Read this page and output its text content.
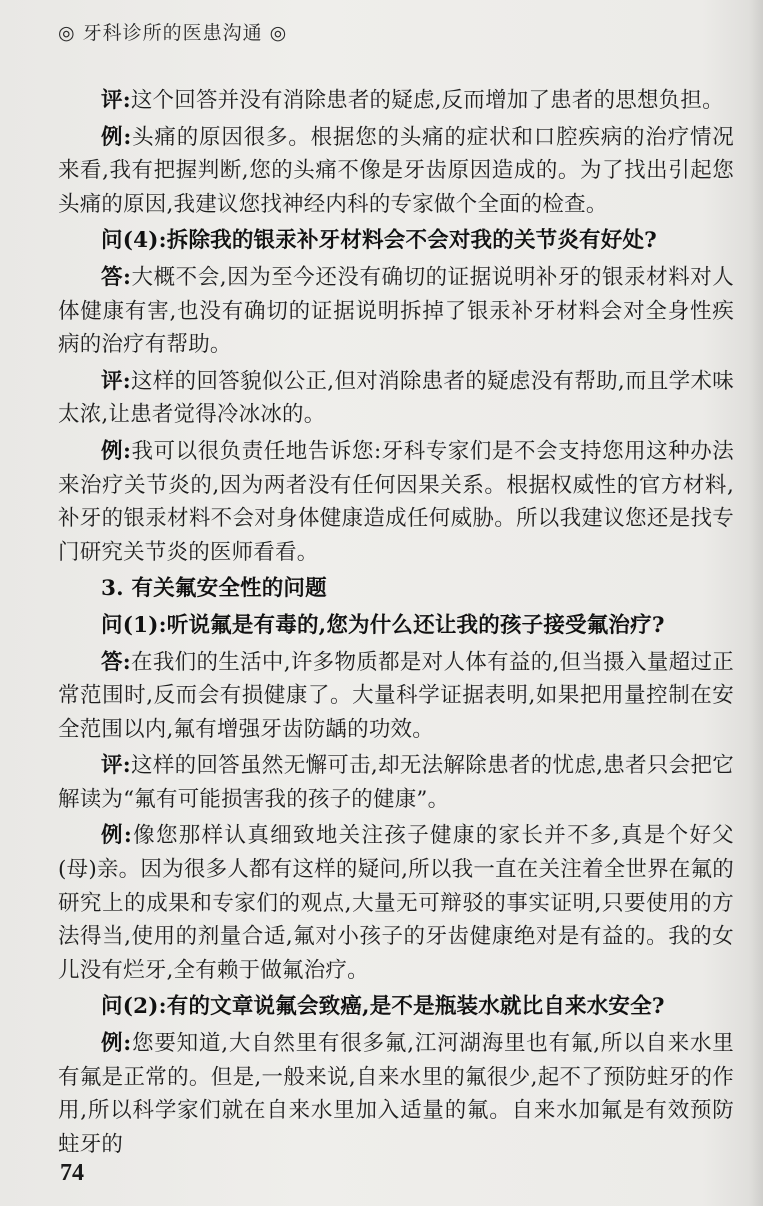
◎ 牙科诊所的医患沟通 ◎

评:这个回答并没有消除患者的疑虑,反而增加了患者的思想负担。

例:头痛的原因很多。根据您的头痛的症状和口腔疾病的治疗情况来看,我有把握判断,您的头痛不像是牙齿原因造成的。为了找出引起您头痛的原因,我建议您找神经内科的专家做个全面的检查。

问(4):拆除我的银汞补牙材料会不会对我的关节炎有好处?

答:大概不会,因为至今还没有确切的证据说明补牙的银汞材料对人体健康有害,也没有确切的证据说明拆掉了银汞补牙材料会对全身性疾病的治疗有帮助。

评:这样的回答貌似公正,但对消除患者的疑虑没有帮助,而且学术味太浓,让患者觉得冷冰冰的。

例:我可以很负责任地告诉您:牙科专家们是不会支持您用这种办法来治疗关节炎的,因为两者没有任何因果关系。根据权威性的官方材料,补牙的银汞材料不会对身体健康造成任何威胁。所以我建议您还是找专门研究关节炎的医师看看。

3. 有关氟安全性的问题

问(1):听说氟是有毒的,您为什么还让我的孩子接受氟治疗?

答:在我们的生活中,许多物质都是对人体有益的,但当摄入量超过正常范围时,反而会有损健康了。大量科学证据表明,如果把用量控制在安全范围以内,氟有增强牙齿防龋的功效。

评:这样的回答虽然无懈可击,却无法解除患者的忧虑,患者只会把它解读为“氟有可能损害我的孩子的健康”。

例:像您那样认真细致地关注孩子健康的家长并不多,真是个好父(母)亲。因为很多人都有这样的疑问,所以我一直在关注着全世界在氟的研究上的成果和专家们的观点,大量无可辩驳的事实证明,只要使用的方法得当,使用的剂量合适,氟对小孩子的牙齿健康绝对是有益的。我的女儿没有烂牙,全有赖于做氟治疗。

问(2):有的文章说氟会致癌,是不是瓶装水就比自来水安全?

例:您要知道,大自然里有很多氟,江河湖海里也有氟,所以自来水里有氟是正常的。但是,一般来说,自来水里的氟很少,起不了预防蛀牙的作用,所以科学家们就在自来水里加入适量的氟。自来水加氟是有效预防蛀牙的

74
